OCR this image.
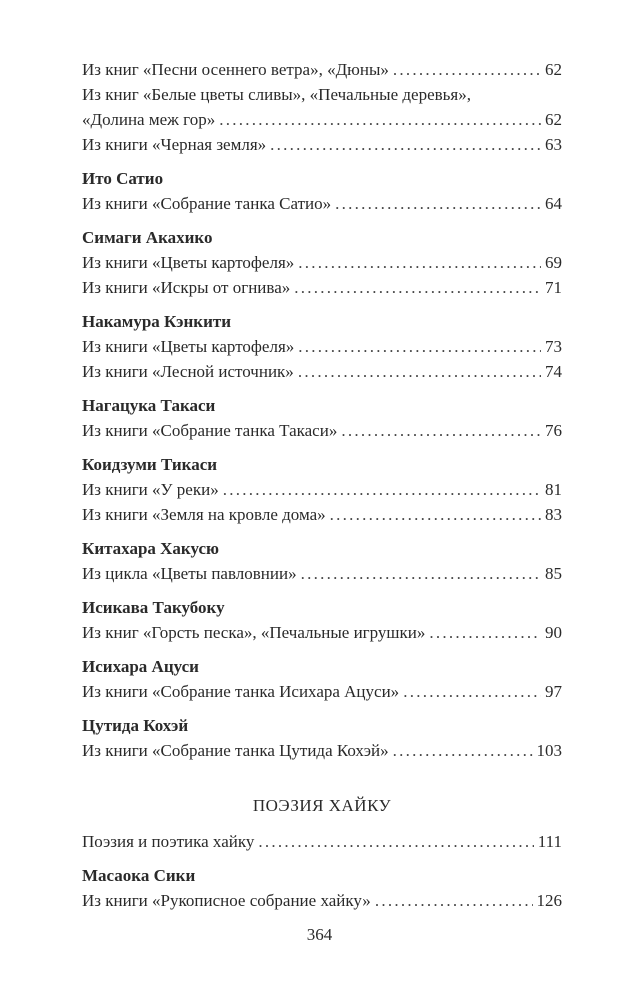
Из книг «Песни осеннего ветра», «Дюны» . . .	62
Из книг «Белые цветы сливы», «Печальные деревья»,
«Долина меж гор» . . .	62
Из книги «Черная земля» . . .	63
Ито Сатио
Из книги «Собрание танка Сатио» . . .	64
Симаги Акахико
Из книги «Цветы картофеля» . . .	69
Из книги «Искры от огнива» . . .	71
Накамура Кэнкити
Из книги «Цветы картофеля» . . .	73
Из книги «Лесной источник» . . .	74
Нагацука Такаси
Из книги «Собрание танка Такаси» . . .	76
Коидзуми Тикаси
Из книги «У реки» . . .	81
Из книги «Земля на кровле дома» . . .	83
Китахара Хакусю
Из цикла «Цветы павловнии» . . .	85
Исикава Такубоку
Из книг «Горсть песка», «Печальные игрушки» . . .	90
Исихара Ацуси
Из книги «Собрание танка Исихара Ацуси» . . .	97
Цутида Кохэй
Из книги «Собрание танка Цутида Кохэй» . . .	103
ПОЭЗИЯ ХАЙКУ
Поэзия и поэтика хайку . . .	111
Масаока Сики
Из книги «Рукописное собрание хайку» . . .	126
364
